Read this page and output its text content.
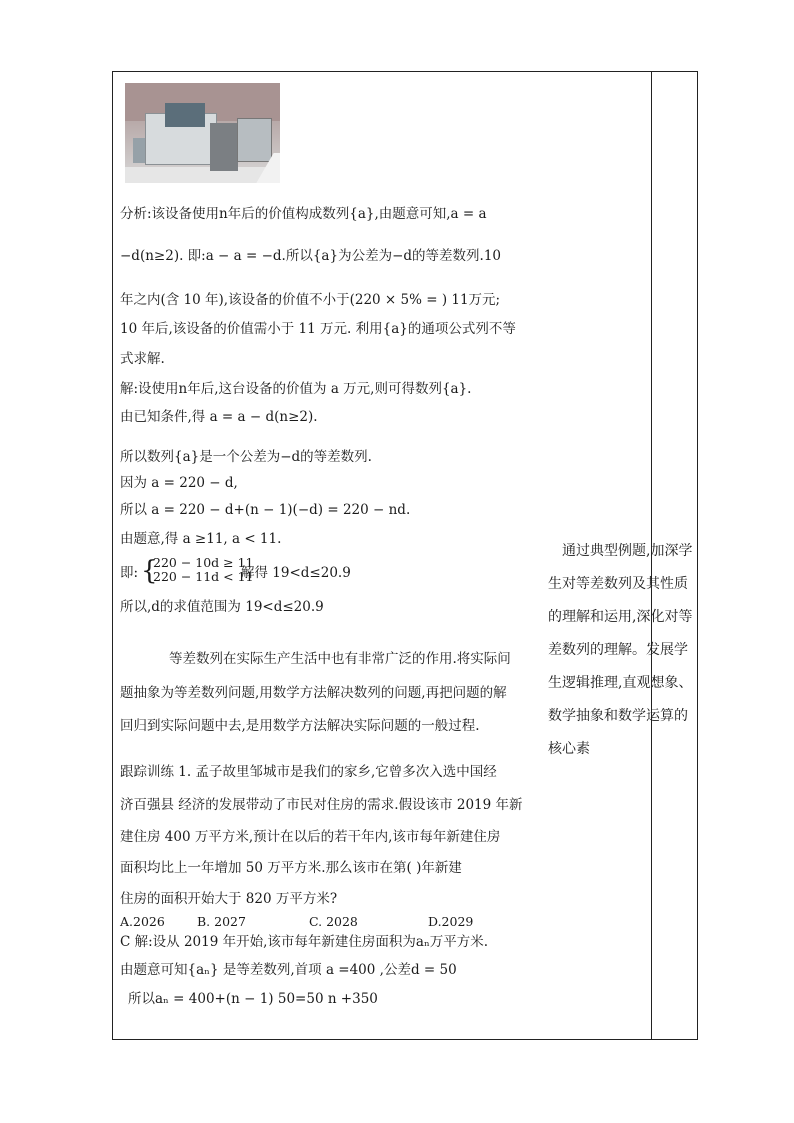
分析:该设备使用n年后的价值构成数列{a},由题意可知,a = a
−d(n≥2). 即:a − a = −d.所以{a}为公差为−d的等差数列.10
年之内(含 10 年),该设备的价值不小于(220 × 5% = ) 11万元;
10 年后,该设备的价值需小于 11 万元. 利用{a}的通项公式列不等
式求解.
解:设使用n年后,这台设备的价值为 a 万元,则可得数列{a}.
由已知条件,得 a = a − d(n≥2).
所以数列{a}是一个公差为−d的等差数列.
因为 a = 220 − d,
所以 a = 220 − d+(n − 1)(−d) = 220 − nd.
由题意,得 a ≥11, a < 11.
即: {
220 − 10d ≥ 11
220 − 11d < 11
解得 19<d≤20.9
所以,d的求值范围为 19<d≤20.9
等差数列在实际生产生活中也有非常广泛的作用.将实际问
题抽象为等差数列问题,用数学方法解决数列的问题,再把问题的解
回归到实际问题中去,是用数学方法解决实际问题的一般过程.
跟踪训练 1. 孟子故里邹城市是我们的家乡,它曾多次入选中国经
济百强县 经济的发展带动了市民对住房的需求.假设该市 2019 年新
建住房 400 万平方米,预计在以后的若干年内,该市每年新建住房
面积均比上一年增加 50 万平方米.那么该市在第( )年新建
住房的面积开始大于 820 万平方米?
A.2026	B. 2027	C. 2028	D.2029
C 解:设从 2019 年开始,该市每年新建住房面积为aₙ万平方米.
由题意可知{aₙ} 是等差数列,首项 a =400 ,公差d = 50
所以aₙ = 400+(n − 1) 50=50 n +350
通过典型例题,加深学生对等差数列及其性质的理解和运用,深化对等差数列的理解。发展学生逻辑推理,直观想象、数学抽象和数学运算的核心素
